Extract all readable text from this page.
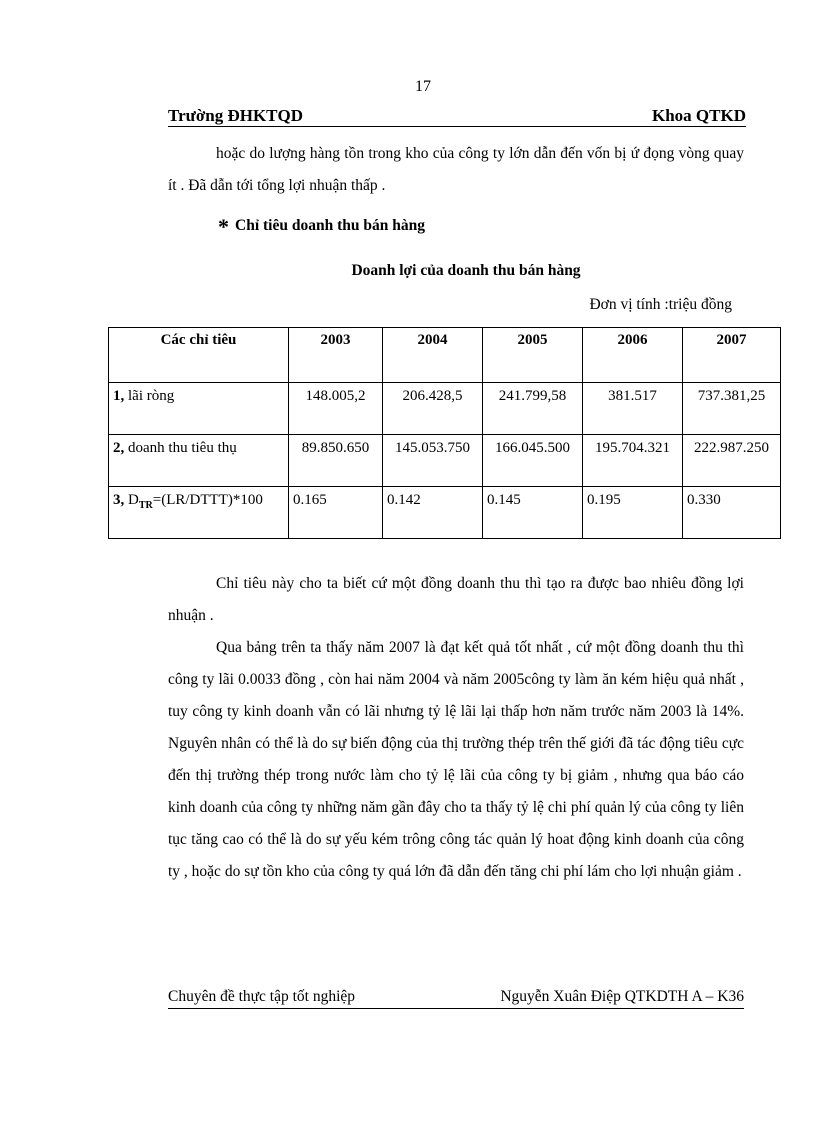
17
Trường ĐHKTQD	Khoa QTKD
hoặc do lượng hàng tồn trong kho của công ty lớn dẫn đến vốn bị ứ đọng vòng quay ít . Đã dẫn tới tổng lợi nhuận thấp .
* Chỉ tiêu doanh thu bán hàng
Doanh lợi của doanh thu bán hàng
Đơn vị tính :triệu đồng
Các chỉ tiêu	2003	2004	2005	2006	2007
1, lãi ròng	148.005,2	206.428,5	241.799,58	381.517	737.381,25
2, doanh thu tiêu thụ	89.850.650	145.053.750	166.045.500	195.704.321	222.987.250
3, $D_{TR}=(LR/DTTT)*100$	0.165	0.142	0.145	0.195	0.330
Chỉ tiêu này cho ta biết cứ một đồng doanh thu thì tạo ra được bao nhiêu đồng lợi nhuận .
Qua bảng trên ta thấy năm 2007 là đạt kết quả tốt nhất , cứ một đồng doanh thu thì công ty lãi 0.0033 đồng , còn hai năm 2004 và năm 2005công ty làm ăn kém hiệu quả nhất , tuy công ty kinh doanh vẫn có lãi nhưng tỷ lệ lãi lại thấp hơn năm trước năm 2003 là 14%. Nguyên nhân có thể là do sự biến động của thị trường thép trên thế giới đã tác động tiêu cực đến thị trường thép trong nước làm cho tỷ lệ lãi của công ty bị giảm , nhưng qua báo cáo kinh doanh của công ty những năm gần đây cho ta thấy tỷ lệ chi phí quản lý của công ty liên tục tăng cao có thể là do sự yếu kém trông công tác quản lý hoat động kinh doanh của công ty , hoặc do sự tồn kho của công ty quá lớn đã dẫn đến tăng chi phí lám cho lợi nhuận giảm .
Chuyên đề thực tập tốt nghiệp	Nguyễn Xuân Điệp QTKDTH A – K36
